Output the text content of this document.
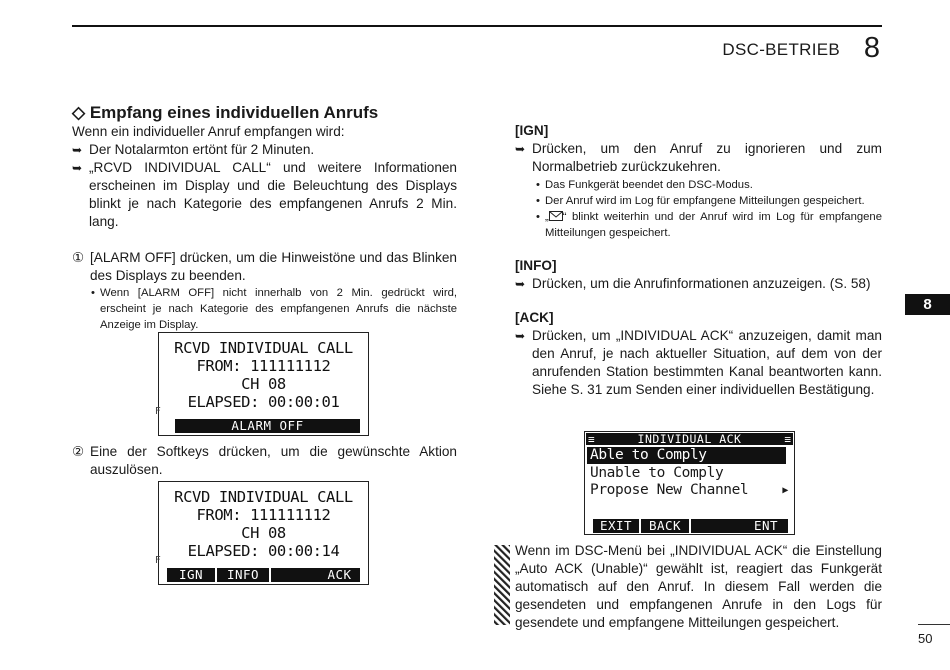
DSC-BETRIEB 8
8
50
◇ Empfang eines individuellen Anrufs

Wenn ein individueller Anruf empfangen wird:

➥ Der Notalarmton ertönt für 2 Minuten.
➥ „RCVD INDIVIDUAL CALL“ und weitere Informationen erscheinen im Display und die Beleuchtung des Displays blinkt je nach Kategorie des empfangenen Anrufs 2 Min. lang.
① [ALARM OFF] drücken, um die Hinweistöne und das Blinken des Displays zu beenden.
• Wenn [ALARM OFF] nicht innerhalb von 2 Min. gedrückt wird, erscheint je nach Kategorie des empfangenen Anrufs die nächste Anzeige im Display.
F
RCVD INDIVIDUAL CALL
FROM: 111111112
CH 08
ELAPSED: 00:00:01
ALARM OFF
② Eine der Softkeys drücken, um die gewünschte Aktion auszulösen.
F
RCVD INDIVIDUAL CALL
FROM: 111111112
CH 08
ELAPSED: 00:00:14
IGN	INFO	ACK
[IGN]
➥ Drücken, um den Anruf zu ignorieren und zum Normalbetrieb zurückzukehren.
• Das Funkgerät beendet den DSC-Modus.
• Der Anruf wird im Log für empfangene Mitteilungen gespeichert.
• „ “ blinkt weiterhin und der Anruf wird im Log für empfangene Mitteilungen gespeichert.
[INFO]
➥ Drücken, um die Anrufinformationen anzuzeigen. (S. 58)
[ACK]
➥ Drücken, um „INDIVIDUAL ACK“ anzuzeigen, damit man den Anruf, je nach aktueller Situation, auf dem von der anrufenden Station bestimmten Kanal beantworten kann. Siehe S. 31 zum Senden einer individuellen Bestätigung.
≡	INDIVIDUAL ACK	≡
Able to Comply
Unable to Comply
Propose New Channel	▶
EXIT	BACK	ENT

Wenn im DSC-Menü bei „INDIVIDUAL ACK“ die Einstellung „Auto ACK (Unable)“ gewählt ist, reagiert das Funkgerät automatisch auf den Anruf. In diesem Fall werden die gesendeten und empfangenen Anrufe in den Logs für gesendete und empfangene Mitteilungen gespeichert.
